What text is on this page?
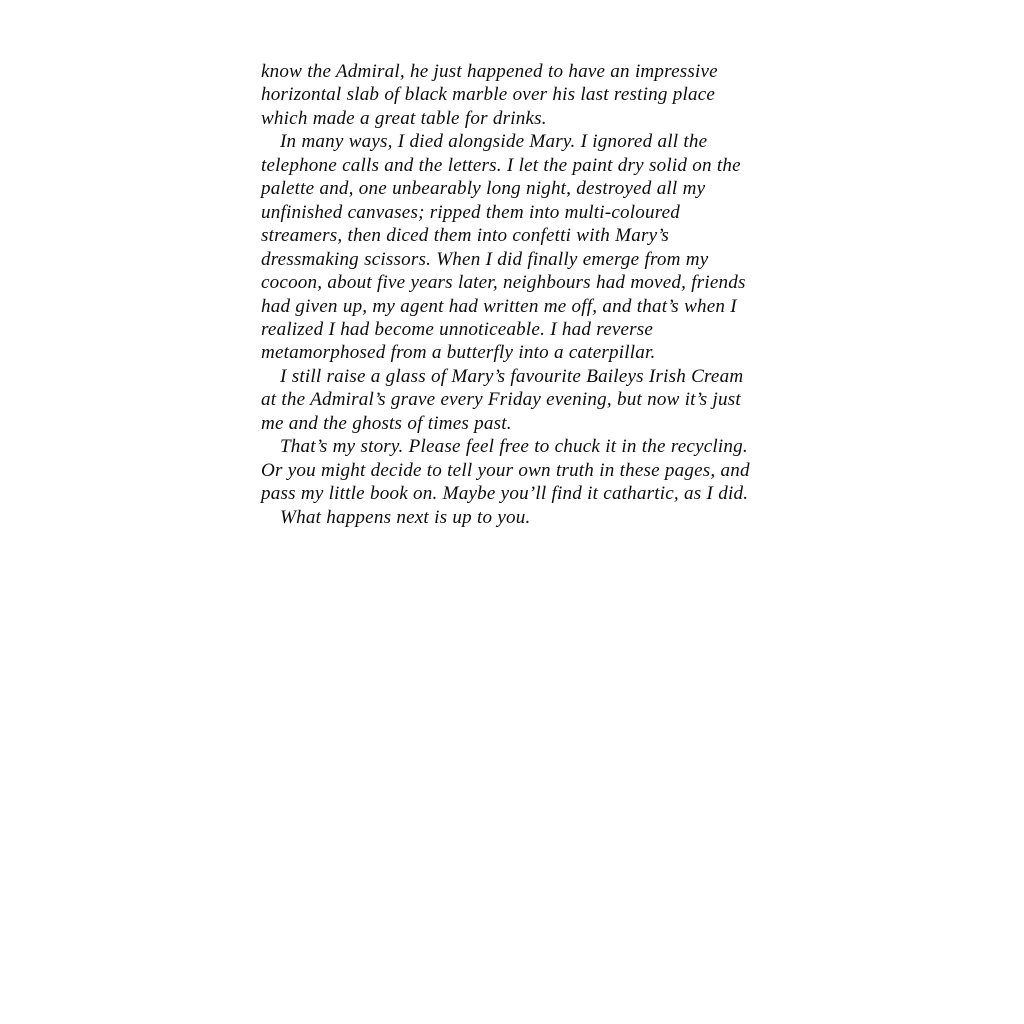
know the Admiral, he just happened to have an impressive horizontal slab of black marble over his last resting place which made a great table for drinks.

In many ways, I died alongside Mary. I ignored all the telephone calls and the letters. I let the paint dry solid on the palette and, one unbearably long night, destroyed all my unfinished canvases; ripped them into multi-coloured streamers, then diced them into confetti with Mary’s dressmaking scissors. When I did finally emerge from my cocoon, about five years later, neighbours had moved, friends had given up, my agent had written me off, and that’s when I realized I had become unnoticeable. I had reverse metamorphosed from a butterfly into a caterpillar.

I still raise a glass of Mary’s favourite Baileys Irish Cream at the Admiral’s grave every Friday evening, but now it’s just me and the ghosts of times past.

That’s my story. Please feel free to chuck it in the recycling. Or you might decide to tell your own truth in these pages, and pass my little book on. Maybe you’ll find it cathartic, as I did.

What happens next is up to you.
